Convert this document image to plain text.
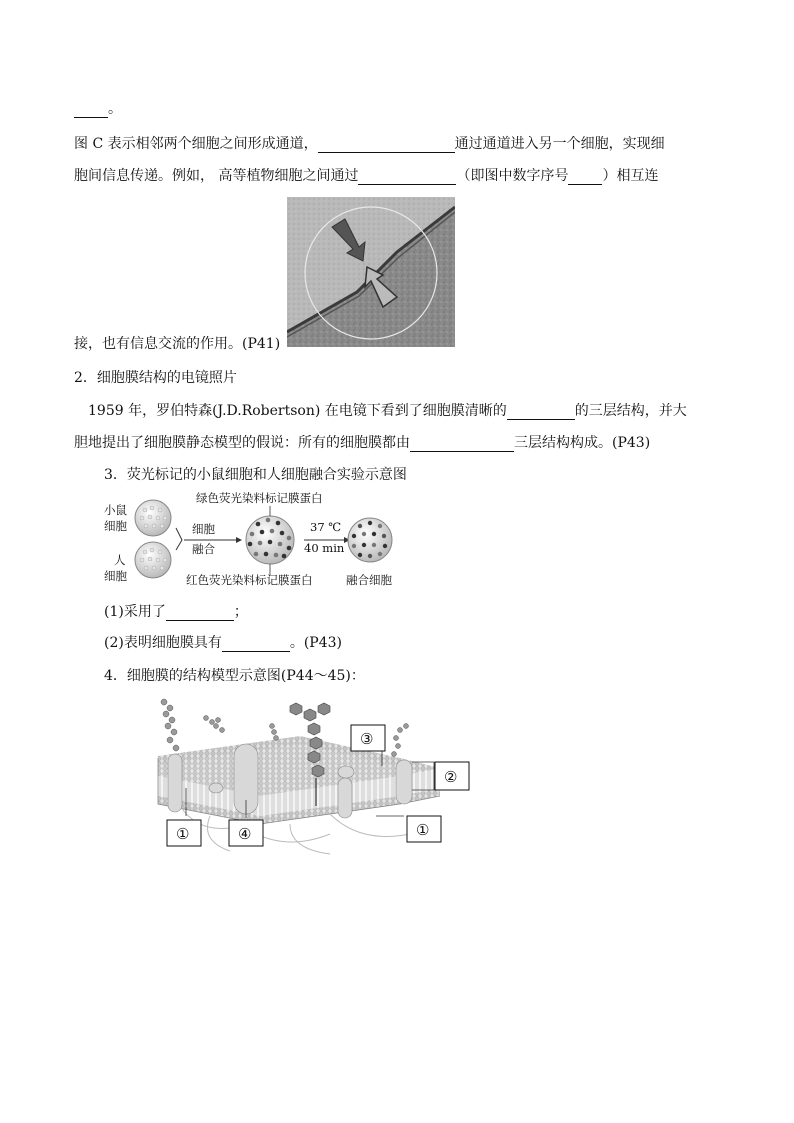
。
图 C 表示相邻两个细胞之间形成通道，	通过通道进入另一个细胞，实现细
胞间信息传递。例如， 高等植物细胞之间通过	（即图中数字序号 ）相互连
接，也有信息交流的作用。(P41)
2．细胞膜结构的电镜照片
1959 年，罗伯特森(J.D.Robertson) 在电镜下看到了细胞膜清晰的	的三层结构，并大
胆地提出了细胞膜静态模型的假说：所有的细胞膜都由	三层结构构成。(P43)
3．荧光标记的小鼠细胞和人细胞融合实验示意图
小鼠
细胞
人
细胞
细胞
融合
绿色荧光染料标记膜蛋白
红色荧光染料标记膜蛋白
37 ℃
40 min
融合细胞
(1)采用了	；
(2)表明细胞膜具有	。(P43)
4．细胞膜的结构模型示意图(P44～45)：
①	④
③
②
①
